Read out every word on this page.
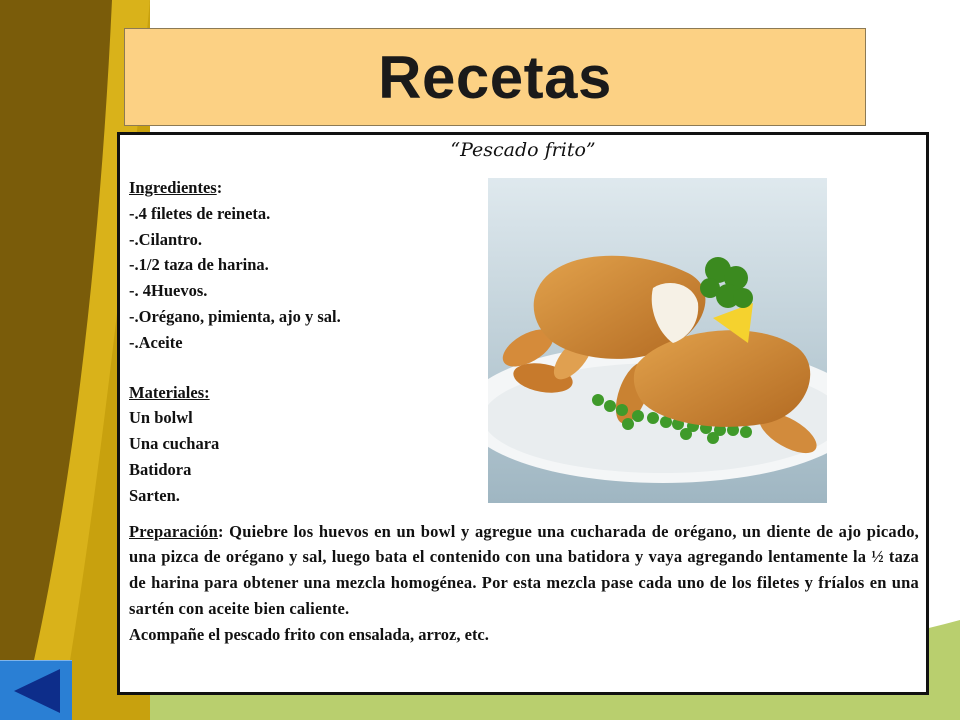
Recetas
“Pescado frito”
Ingredientes:
-.4 filetes de reineta.
-.Cilantro.
-.1/2 taza de harina.
-. 4Huevos.
-.Orégano, pimienta, ajo y sal.
-.Aceite
Materiales:
Un bolwl
Una cuchara
Batidora
Sarten.
Preparación: Quiebre los huevos en un bowl y agregue una cucharada de orégano, un diente de ajo picado, una pizca de orégano y sal, luego bata el contenido con una batidora y vaya agregando lentamente la ½ taza de harina para obtener una mezcla homogénea. Por esta mezcla pase cada uno de los filetes y fríalos en una sartén con aceite bien caliente.
Acompañe el pescado frito con ensalada, arroz, etc.
